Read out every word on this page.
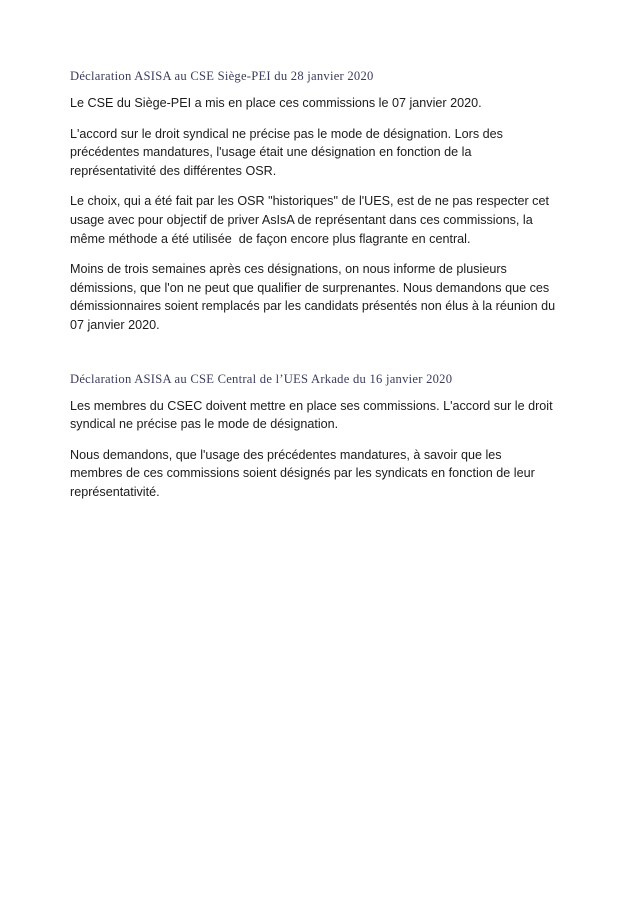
Déclaration ASISA au CSE Siège-PEI du 28 janvier 2020

Le CSE du Siège-PEI a mis en place ces commissions le 07 janvier 2020.

L'accord sur le droit syndical ne précise pas le mode de désignation. Lors des précédentes mandatures, l'usage était une désignation en fonction de la représentativité des différentes OSR.

Le choix, qui a été fait par les OSR "historiques" de l'UES, est de ne pas respecter cet usage avec pour objectif de priver AsIsA de représentant dans ces commissions, la même méthode a été utilisée  de façon encore plus flagrante en central.

Moins de trois semaines après ces désignations, on nous informe de plusieurs démissions, que l'on ne peut que qualifier de surprenantes. Nous demandons que ces démissionnaires soient remplacés par les candidats présentés non élus à la réunion du 07 janvier 2020.

Déclaration ASISA au CSE Central de l’UES Arkade du 16 janvier 2020

Les membres du CSEC doivent mettre en place ses commissions. L'accord sur le droit syndical ne précise pas le mode de désignation.

Nous demandons, que l'usage des précédentes mandatures, à savoir que les membres de ces commissions soient désignés par les syndicats en fonction de leur représentativité.
